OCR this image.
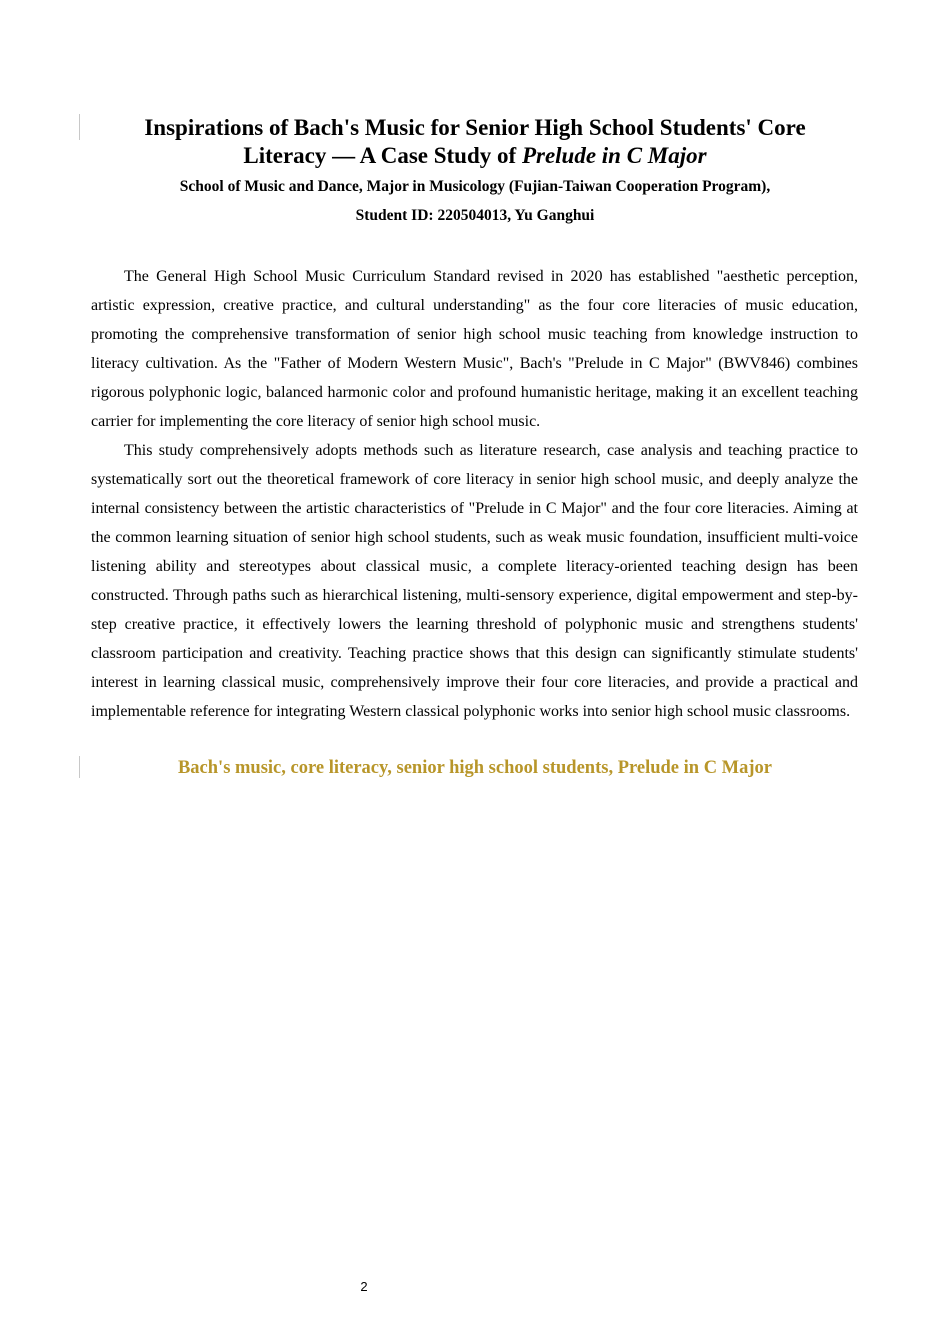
Inspirations of Bach's Music for Senior High School Students' Core Literacy — A Case Study of Prelude in C Major

School of Music and Dance, Major in Musicology (Fujian-Taiwan Cooperation Program),

Student ID: 220504013, Yu Ganghui

The General High School Music Curriculum Standard revised in 2020 has established "aesthetic perception, artistic expression, creative practice, and cultural understanding" as the four core literacies of music education, promoting the comprehensive transformation of senior high school music teaching from knowledge instruction to literacy cultivation. As the "Father of Modern Western Music", Bach's "Prelude in C Major" (BWV846) combines rigorous polyphonic logic, balanced harmonic color and profound humanistic heritage, making it an excellent teaching carrier for implementing the core literacy of senior high school music.

This study comprehensively adopts methods such as literature research, case analysis and teaching practice to systematically sort out the theoretical framework of core literacy in senior high school music, and deeply analyze the internal consistency between the artistic characteristics of "Prelude in C Major" and the four core literacies. Aiming at the common learning situation of senior high school students, such as weak music foundation, insufficient multi-voice listening ability and stereotypes about classical music, a complete literacy-oriented teaching design has been constructed. Through paths such as hierarchical listening, multi-sensory experience, digital empowerment and step-by-step creative practice, it effectively lowers the learning threshold of polyphonic music and strengthens students' classroom participation and creativity. Teaching practice shows that this design can significantly stimulate students' interest in learning classical music, comprehensively improve their four core literacies, and provide a practical and implementable reference for integrating Western classical polyphonic works into senior high school music classrooms.

Bach's music, core literacy, senior high school students, Prelude in C Major

2
